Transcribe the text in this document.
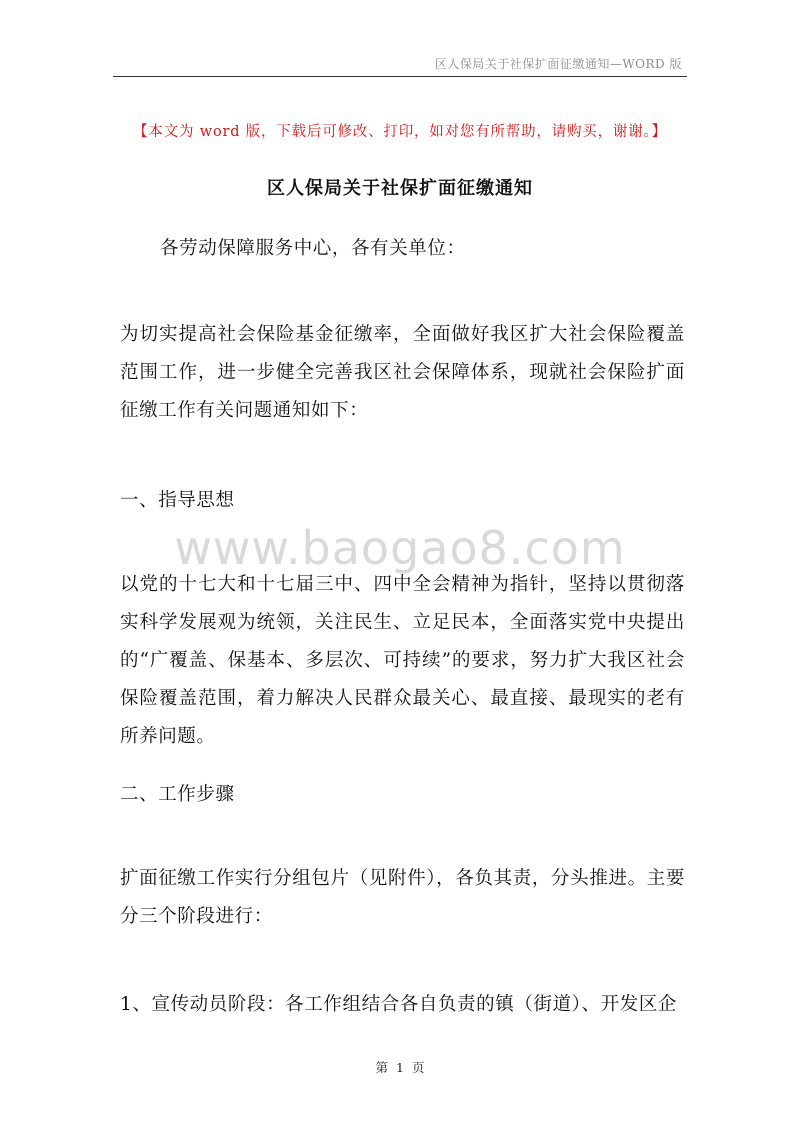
区人保局关于社保扩面征缴通知—WORD 版
【本文为 word 版，下载后可修改、打印，如对您有所帮助，请购买，谢谢。】
区人保局关于社保扩面征缴通知

各劳动保障服务中心，各有关单位：

为切实提高社会保险基金征缴率，全面做好我区扩大社会保险覆盖范围工作，进一步健全完善我区社会保障体系，现就社会保险扩面征缴工作有关问题通知如下：

一、指导思想

www.baogao8.com

以党的十七大和十七届三中、四中全会精神为指针，坚持以贯彻落实科学发展观为统领，关注民生、立足民本，全面落实党中央提出的“广覆盖、保基本、多层次、可持续”的要求，努力扩大我区社会保险覆盖范围，着力解决人民群众最关心、最直接、最现实的老有所养问题。

二、工作步骤

扩面征缴工作实行分组包片（见附件），各负其责，分头推进。主要分三个阶段进行：

1、宣传动员阶段：各工作组结合各自负责的镇（街道）、开发区企

第 1 页
